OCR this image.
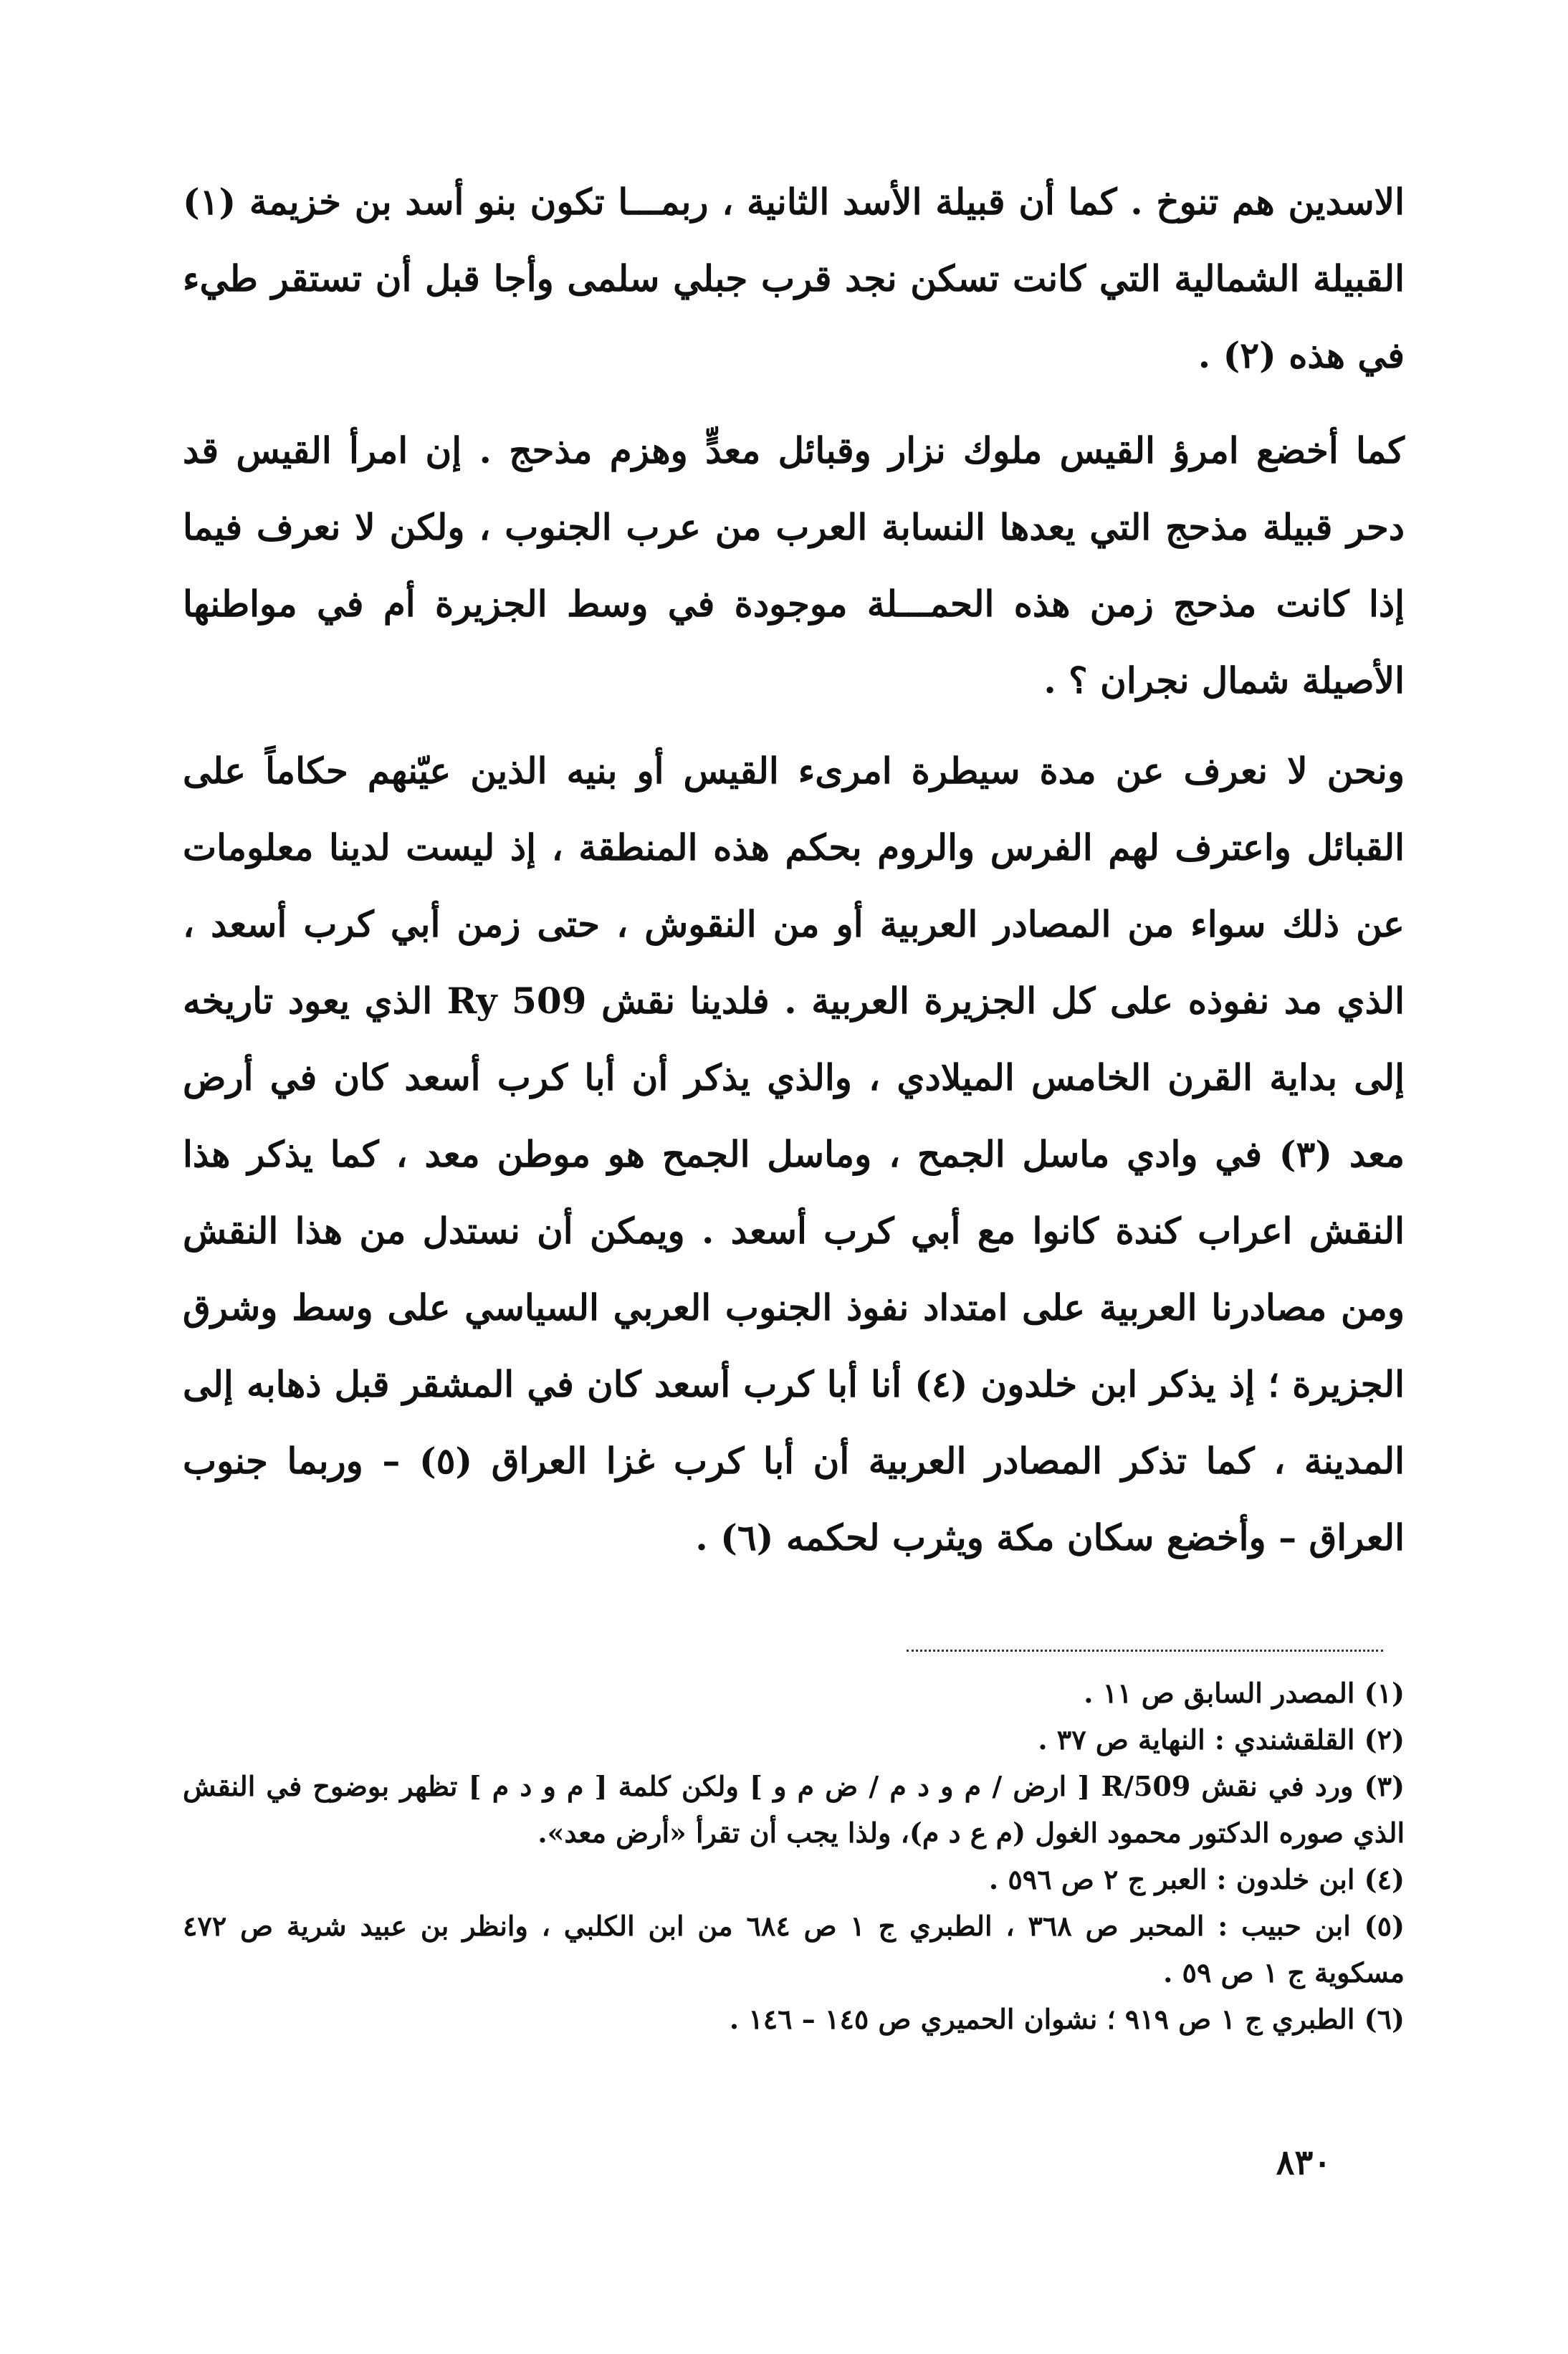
الاسدين هم تنوخ . كما أن قبيلة الأسد الثانية ، ربمـــا تكون بنو أسد بن خزيمة (١) القبيلة الشمالية التي كانت تسكن نجد قرب جبلي سلمى وأجا قبل أن تستقر طيء في هذه (٢) .

كما أخضع امرؤ القيس ملوك نزار وقبائل معدٍّ وهزم مذحج . إن امرأ القيس قد دحر قبيلة مذحج التي يعدها النسابة العرب من عرب الجنوب ، ولكن لا نعرف فيما إذا كانت مذحج زمن هذه الحمـــلة موجودة في وسط الجزيرة أم في مواطنها الأصيلة شمال نجران ؟ .

ونحن لا نعرف عن مدة سيطرة امرىء القيس أو بنيه الذين عيّنهم حكاماً على القبائل واعترف لهم الفرس والروم بحكم هذه المنطقة ، إذ ليست لدينا معلومات عن ذلك سواء من المصادر العربية أو من النقوش ، حتى زمن أبي كرب أسعد ، الذي مد نفوذه على كل الجزيرة العربية . فلدينا نقش Ry 509 الذي يعود تاريخه إلى بداية القرن الخامس الميلادي ، والذي يذكر أن أبا كرب أسعد كان في أرض معد (٣) في وادي ماسل الجمح ، وماسل الجمح هو موطن معد ، كما يذكر هذا النقش اعراب كندة كانوا مع أبي كرب أسعد . ويمكن أن نستدل من هذا النقش ومن مصادرنا العربية على امتداد نفوذ الجنوب العربي السياسي على وسط وشرق الجزيرة ؛ إذ يذكر ابن خلدون (٤) أنا أبا كرب أسعد كان في المشقر قبل ذهابه إلى المدينة ، كما تذكر المصادر العربية أن أبا كرب غزا العراق (٥) – وربما جنوب العراق – وأخضع سكان مكة ويثرب لحكمه (٦) .

(١) المصدر السابق ص ١١ .

(٢) القلقشندي : النهاية ص ٣٧ .

(٣) ورد في نقش R/509 [ ارض / م و د م / ض م و ] ولكن كلمة [ م و د م ] تظهر بوضوح في النقش الذي صوره الدكتور محمود الغول (م ع د م)، ولذا يجب أن تقرأ «أرض معد».

(٤) ابن خلدون : العبر ج ٢ ص ٥٩٦ .

(٥) ابن حبيب : المحبر ص ٣٦٨ ، الطبري ج ١ ص ٦٨٤ من ابن الكلبي ، وانظر بن عبيد شرية ص ٤٧٢ مسكوية ج ١ ص ٥٩ .

(٦) الطبري ج ١ ص ٩١٩ ؛ نشوان الحميري ص ١٤٥ – ١٤٦ .

٨٣٠
